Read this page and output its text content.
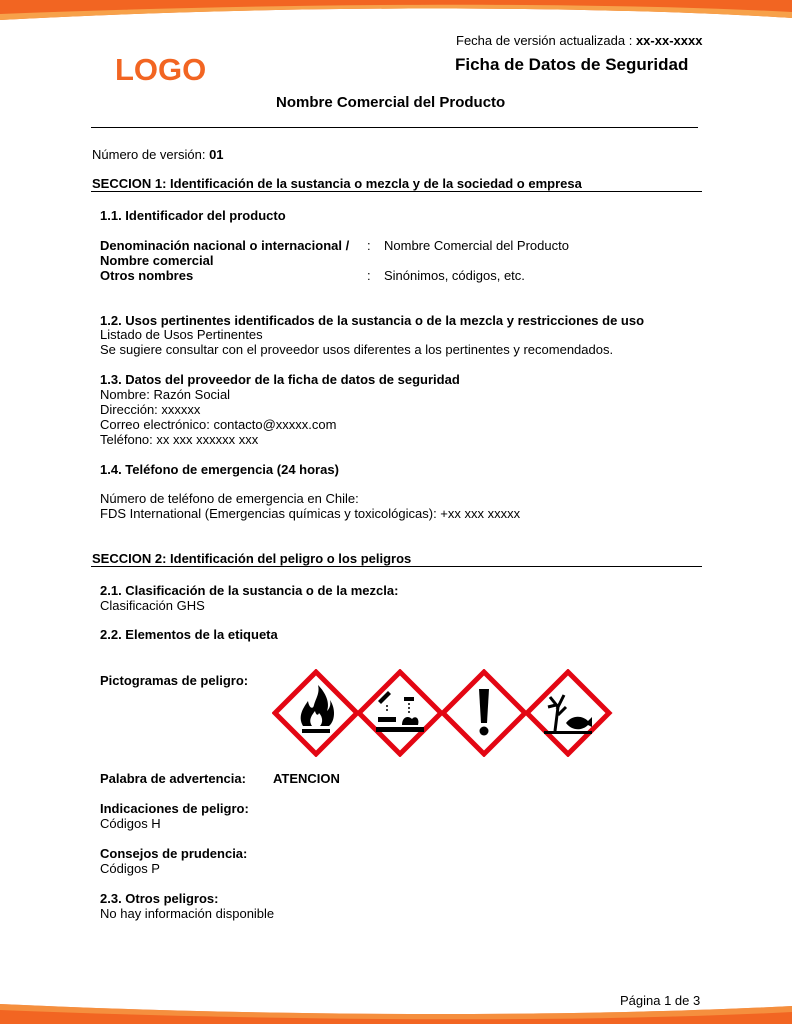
LOGO
Fecha de versión actualizada : xx-xx-xxxx
Ficha de Datos de Seguridad
Nombre Comercial del Producto
Número de versión: 01
SECCION 1: Identificación de la sustancia o mezcla y de la sociedad o empresa
1.1. Identificador del producto
Denominación nacional o internacional /
Nombre comercial
: Nombre Comercial del Producto
Otros nombres	: Sinónimos, códigos, etc.
1.2. Usos pertinentes identificados de la sustancia o de la mezcla y restricciones de uso
Listado de Usos Pertinentes
Se sugiere consultar con el proveedor usos diferentes a los pertinentes y recomendados.
1.3. Datos del proveedor de la ficha de datos de seguridad
Nombre: Razón Social
Dirección: xxxxxx
Correo electrónico: contacto@xxxxx.com
Teléfono: xx xxx xxxxxx xxx
1.4. Teléfono de emergencia (24 horas)
Número de teléfono de emergencia en Chile:
FDS International (Emergencias químicas y toxicológicas): +xx xxx xxxxx
SECCION 2: Identificación del peligro o los peligros
2.1. Clasificación de la sustancia o de la mezcla:
Clasificación GHS
2.2. Elementos de la etiqueta
Pictogramas de peligro:
Palabra de advertencia: ATENCION
Indicaciones de peligro:
Códigos H
Consejos de prudencia:
Códigos P
2.3. Otros peligros:
No hay información disponible
Página 1 de 3
